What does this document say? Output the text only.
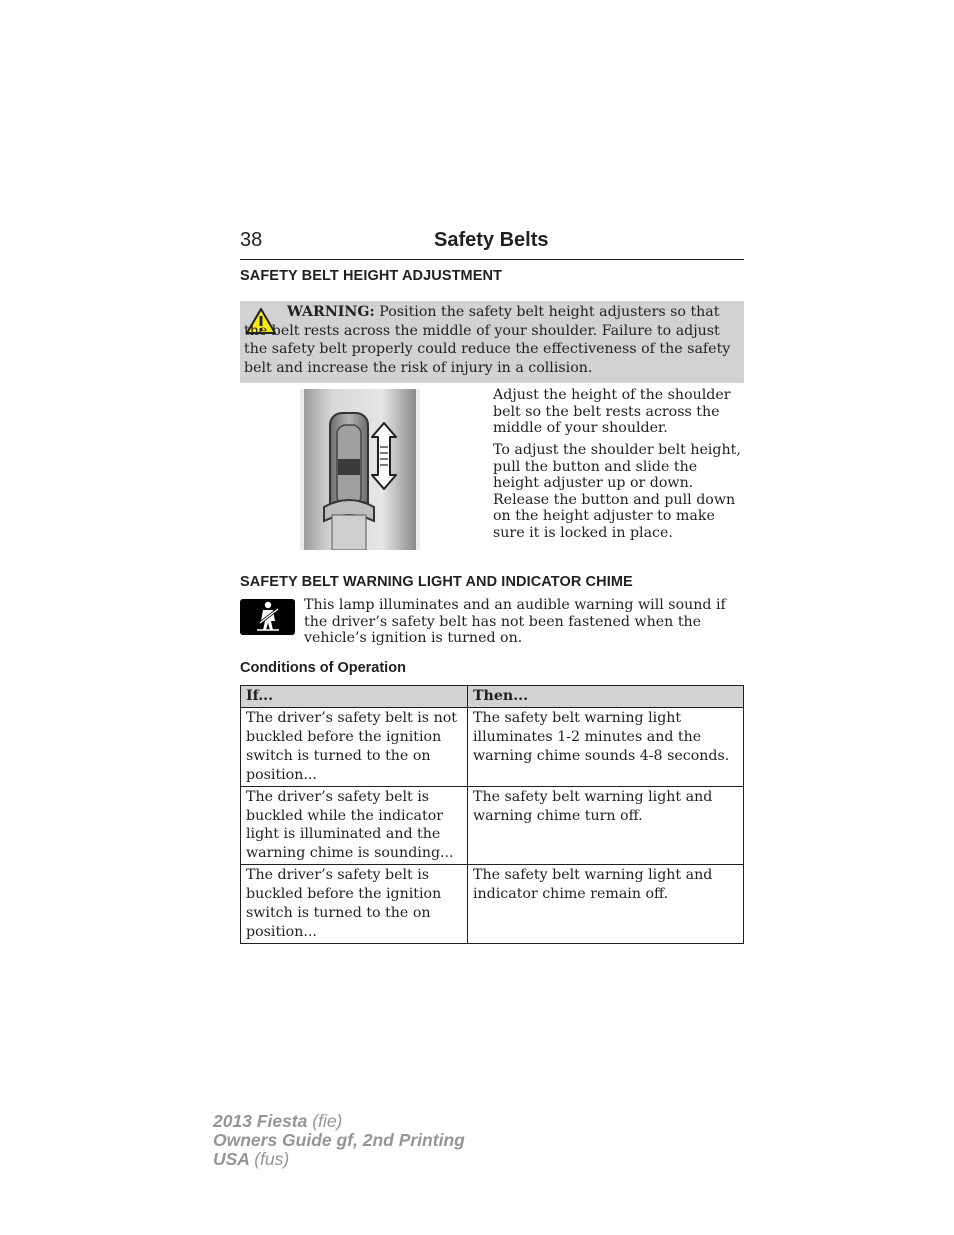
38	Safety Belts
SAFETY BELT HEIGHT ADJUSTMENT

WARNING: Position the safety belt height adjusters so that the belt rests across the middle of your shoulder. Failure to adjust the safety belt properly could reduce the effectiveness of the safety belt and increase the risk of injury in a collision.

Adjust the height of the shoulder belt so the belt rests across the middle of your shoulder.

To adjust the shoulder belt height, pull the button and slide the height adjuster up or down. Release the button and pull down on the height adjuster to make sure it is locked in place.

SAFETY BELT WARNING LIGHT AND INDICATOR CHIME

This lamp illuminates and an audible warning will sound if the driver’s safety belt has not been fastened when the vehicle’s ignition is turned on.

Conditions of Operation
If...	Then...
The driver’s safety belt is not buckled before the ignition switch is turned to the on position...	The safety belt warning light illuminates 1-2 minutes and the warning chime sounds 4-8 seconds.
The driver’s safety belt is buckled while the indicator light is illuminated and the warning chime is sounding...	The safety belt warning light and warning chime turn off.
The driver’s safety belt is buckled before the ignition switch is turned to the on position...	The safety belt warning light and indicator chime remain off.
2013 Fiesta (fie)
Owners Guide gf, 2nd Printing
USA (fus)
